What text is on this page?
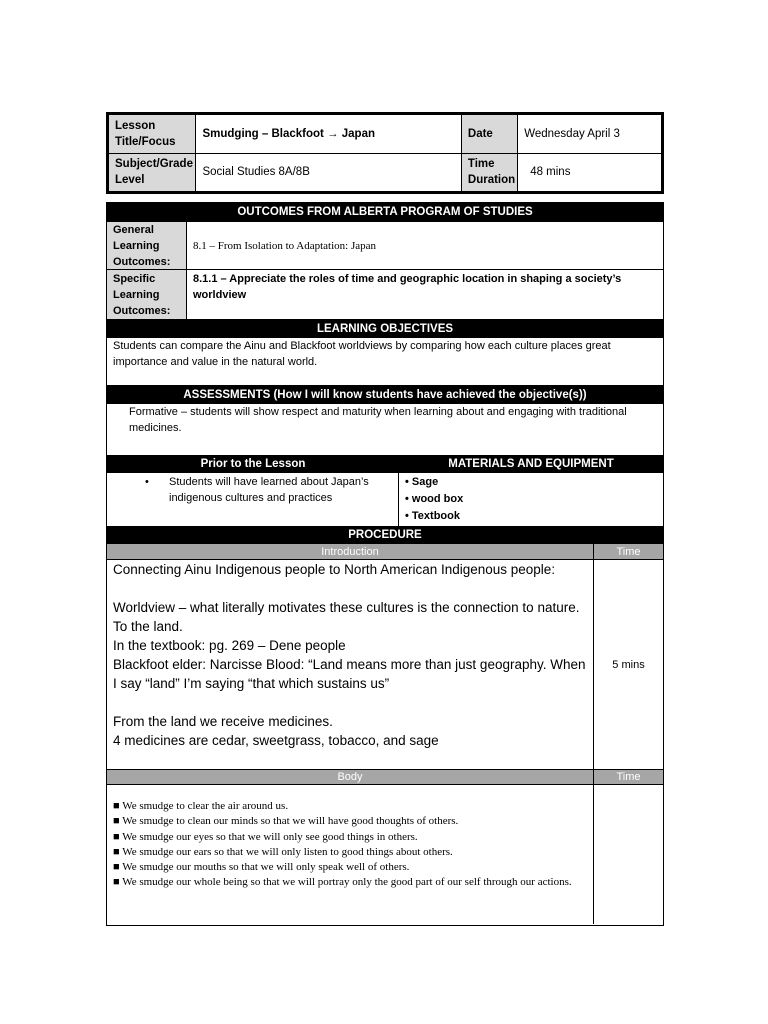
Lesson Title/Focus	Smudging – Blackfoot → Japan	Date	Wednesday April 3
Subject/Grade Level	Social Studies 8A/8B	Time Duration	48 mins
OUTCOMES FROM ALBERTA PROGRAM OF STUDIES
General Learning Outcomes:
8.1 – From Isolation to Adaptation: Japan
Specific Learning Outcomes:
8.1.1 – Appreciate the roles of time and geographic location in shaping a society’s worldview
LEARNING OBJECTIVES
Students can compare the Ainu and Blackfoot worldviews by comparing how each culture places great importance and value in the natural world.
ASSESSMENTS (How I will know students have achieved the objective(s))
Formative – students will show respect and maturity when learning about and engaging with traditional medicines.
Prior to the Lesson	MATERIALS AND EQUIPMENT
•	Students will have learned about Japan’s indigenous cultures and practices
• Sage
• wood box
• Textbook
PROCEDURE
Introduction	Time

Connecting Ainu Indigenous people to North American Indigenous people:

Worldview – what literally motivates these cultures is the connection to nature. To the land.

In the textbook: pg. 269 – Dene people

Blackfoot elder: Narcisse Blood: “Land means more than just geography. When I say “land” I’m saying “that which sustains us”

From the land we receive medicines.

4 medicines are cedar, sweetgrass, tobacco, and sage

5 mins
Body	Time
■ We smudge to clear the air around us.
■ We smudge to clean our minds so that we will have good thoughts of others.
■ We smudge our eyes so that we will only see good things in others.
■ We smudge our ears so that we will only listen to good things about others.
■ We smudge our mouths so that we will only speak well of others.
■ We smudge our whole being so that we will portray only the good part of our self through our actions.
